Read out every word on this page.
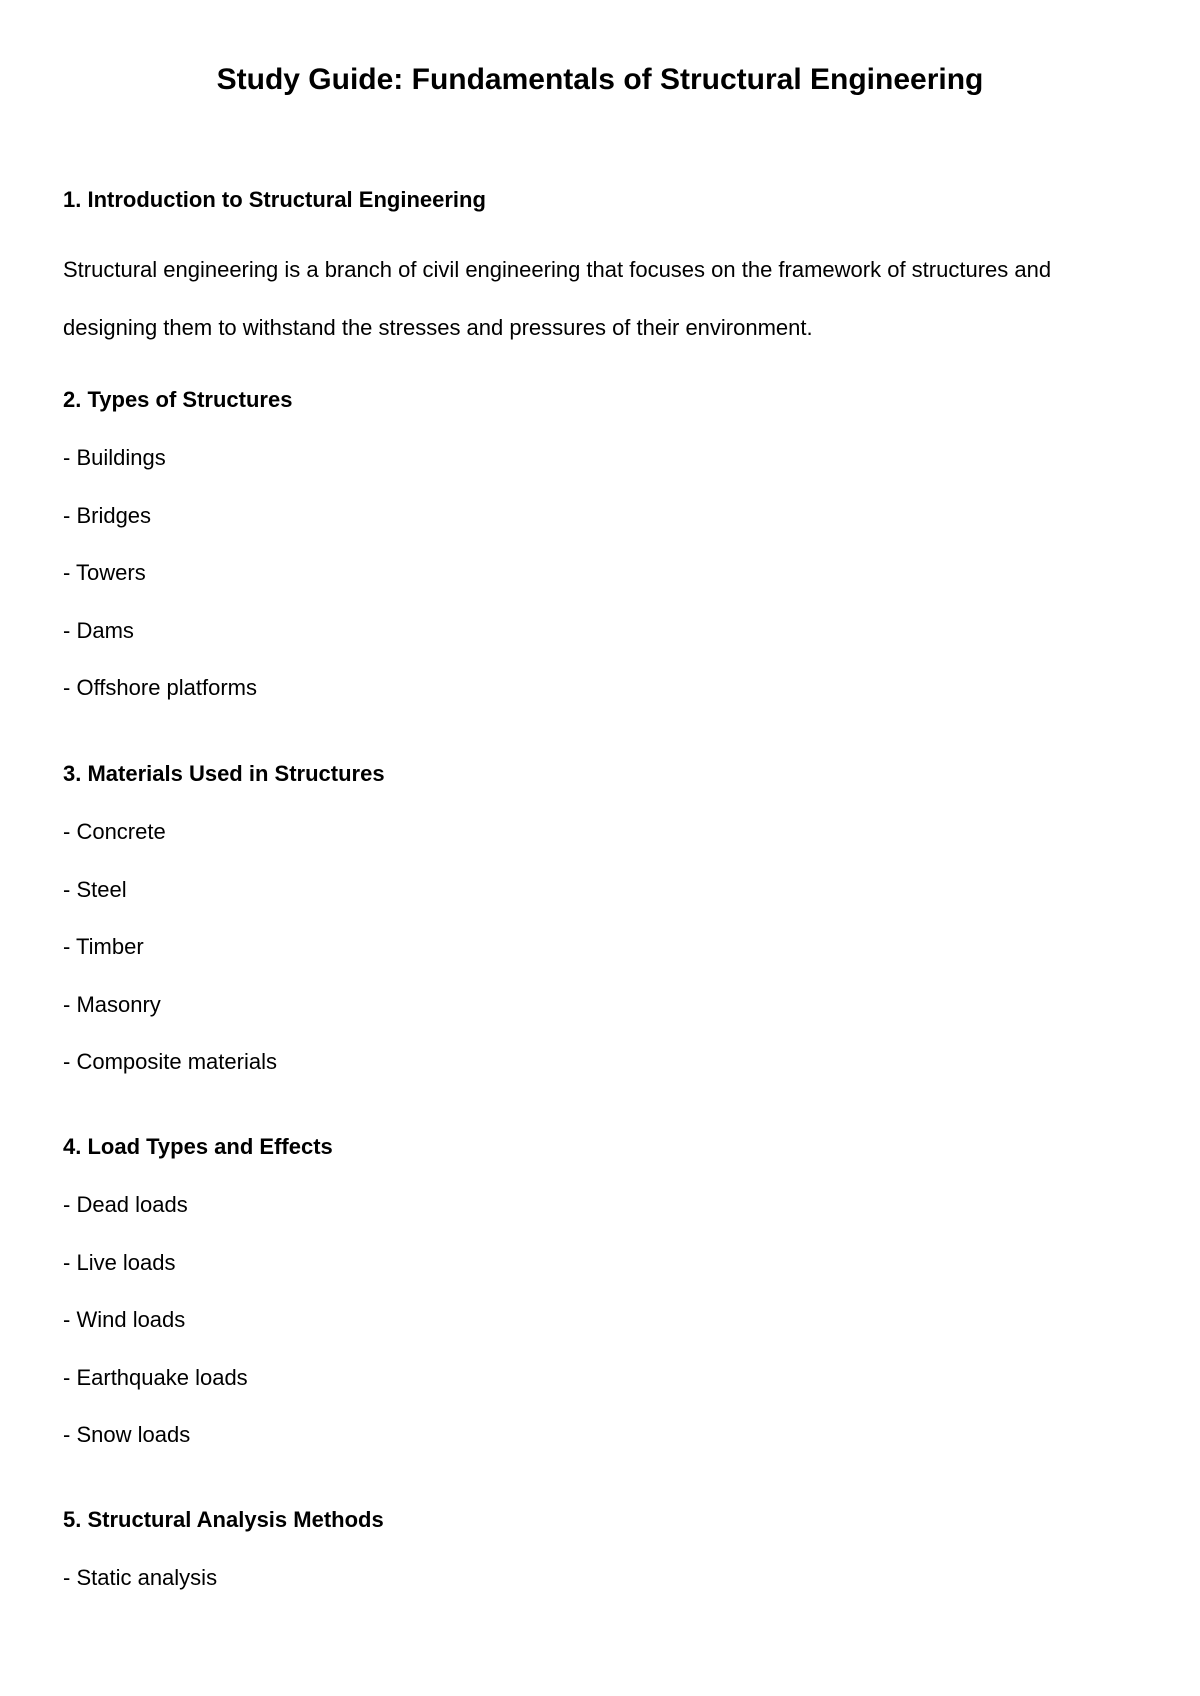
Study Guide: Fundamentals of Structural Engineering
1. Introduction to Structural Engineering

Structural engineering is a branch of civil engineering that focuses on the framework of structures and designing them to withstand the stresses and pressures of their environment.

2. Types of Structures
- Buildings
- Bridges
- Towers
- Dams
- Offshore platforms
3. Materials Used in Structures
- Concrete
- Steel
- Timber
- Masonry
- Composite materials
4. Load Types and Effects
- Dead loads
- Live loads
- Wind loads
- Earthquake loads
- Snow loads
5. Structural Analysis Methods
- Static analysis
